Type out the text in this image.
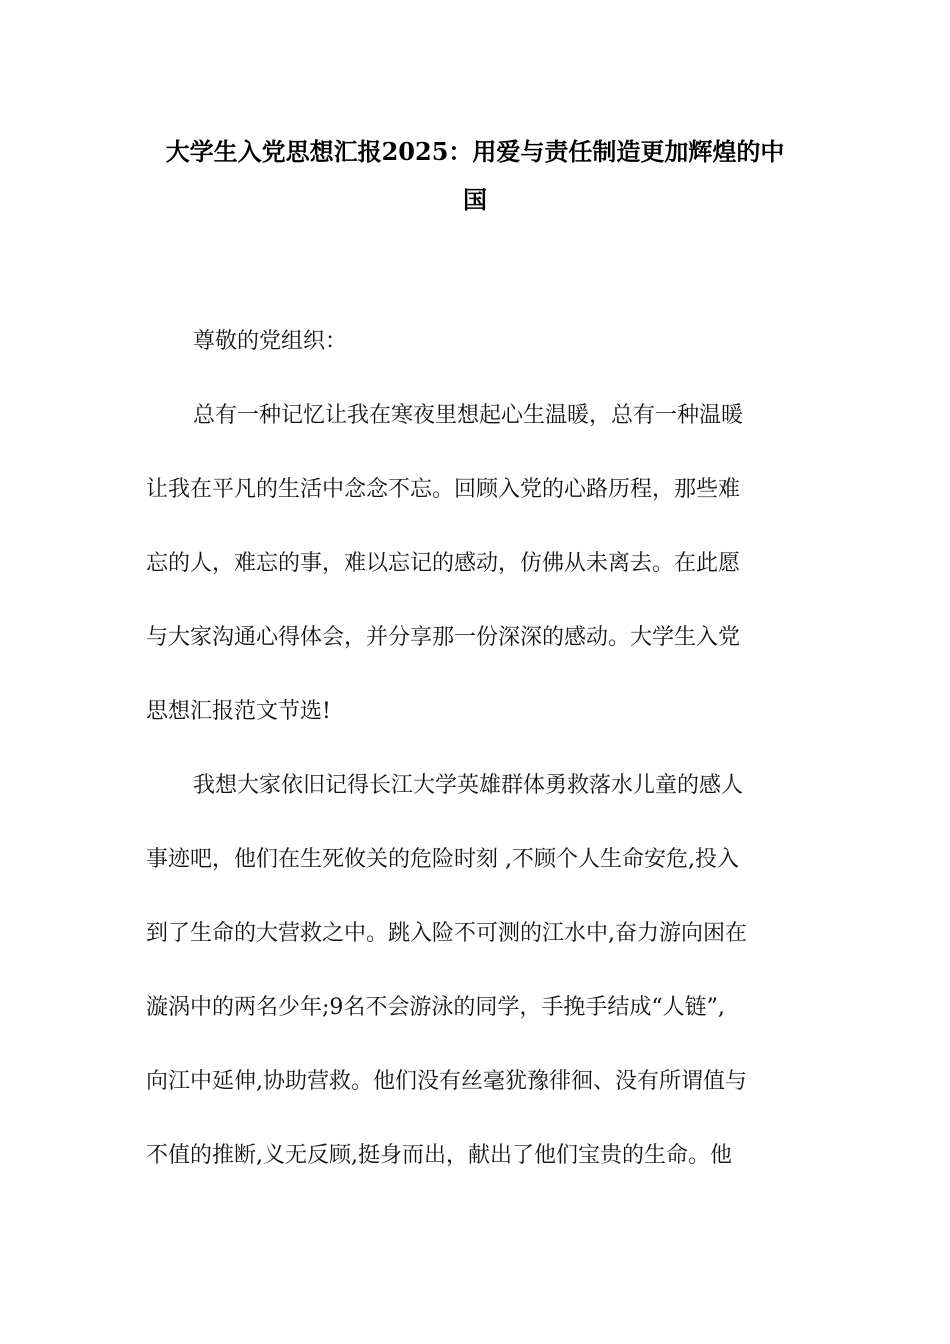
大学生入党思想汇报2025：用爱与责任制造更加辉煌的中
国

尊敬的党组织：

总有一种记忆让我在寒夜里想起心生温暖，总有一种温暖
让我在平凡的生活中念念不忘。回顾入党的心路历程，那些难
忘的人，难忘的事，难以忘记的感动，仿佛从未离去。在此愿
与大家沟通心得体会，并分享那一份深深的感动。大学生入党
思想汇报范文节选!

我想大家依旧记得长江大学英雄群体勇救落水儿童的感人
事迹吧，他们在生死攸关的危险时刻 ,不顾个人生命安危,投入
到了生命的大营救之中。跳入险不可测的江水中,奋力游向困在
漩涡中的两名少年;9名不会游泳的同学，手挽手结成“人链”,
向江中延伸,协助营救。他们没有丝毫犹豫徘徊、没有所谓值与
不值的推断,义无反顾,挺身而出，献出了他们宝贵的生命。他
